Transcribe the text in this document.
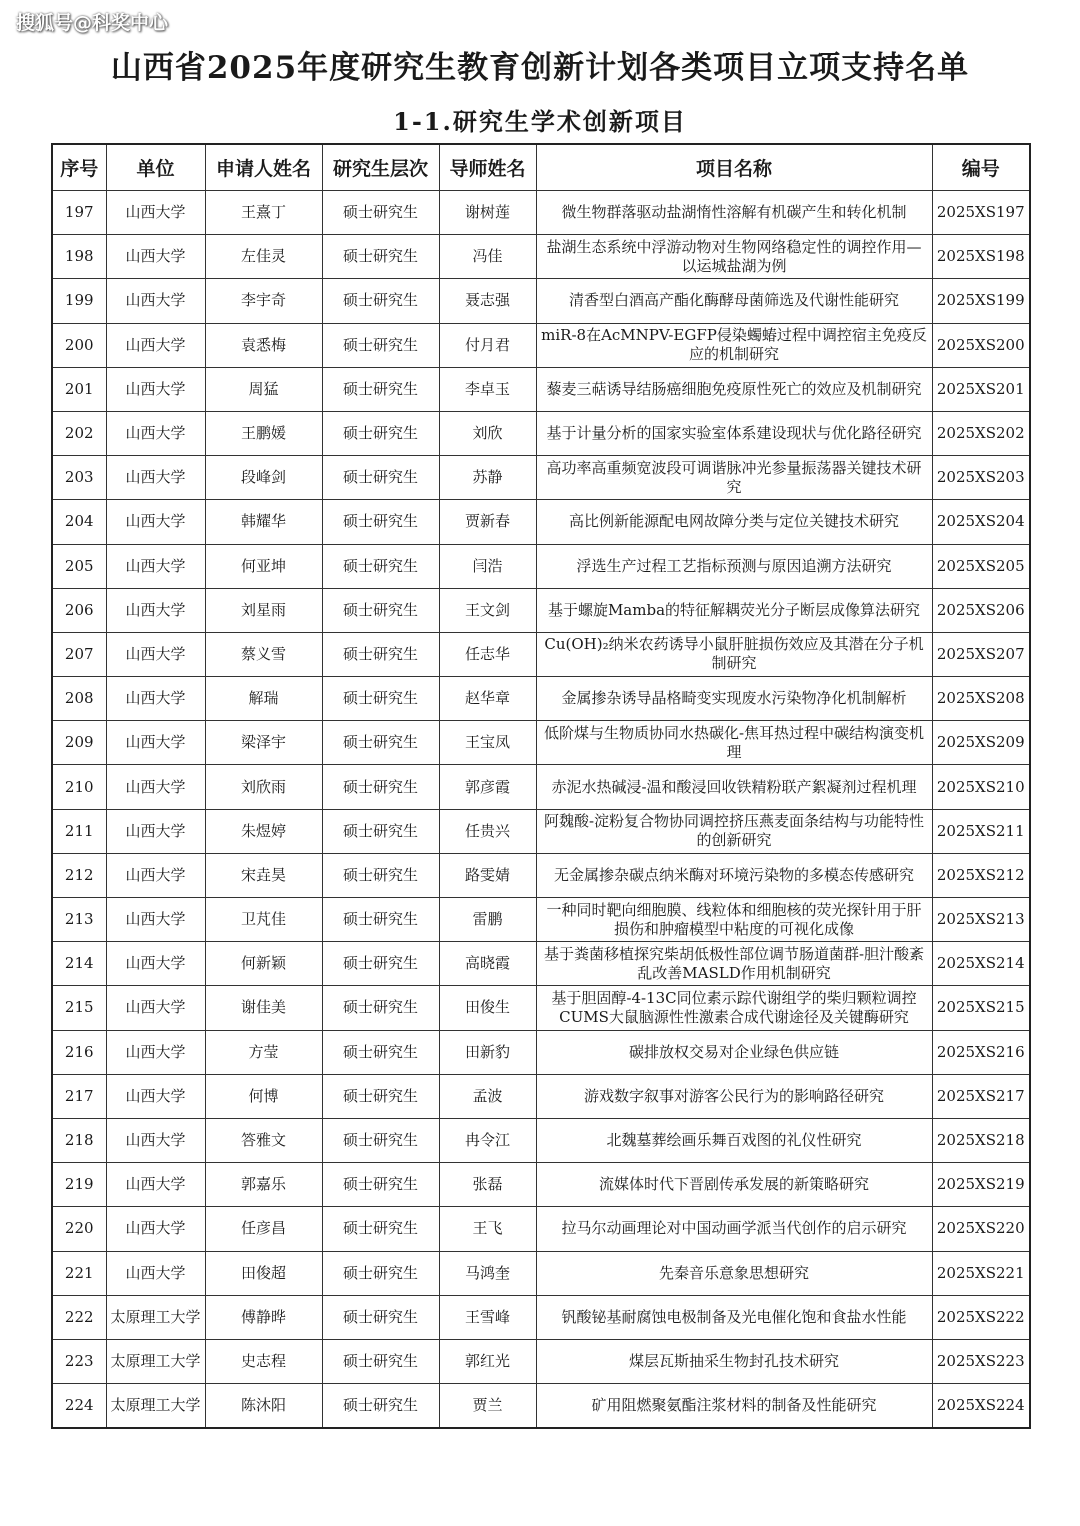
搜狐号@科奖中心
山西省2025年度研究生教育创新计划各类项目立项支持名单
1-1.研究生学术创新项目
序号	单位	申请人姓名	研究生层次	导师姓名	项目名称	编号
197	山西大学	王熹丁	硕士研究生	谢树莲	微生物群落驱动盐湖惰性溶解有机碳产生和转化机制	2025XS197
198	山西大学	左佳灵	硕士研究生	冯佳	盐湖生态系统中浮游动物对生物网络稳定性的调控作用—以运城盐湖为例	2025XS198
199	山西大学	李宇奇	硕士研究生	聂志强	清香型白酒高产酯化酶酵母菌筛选及代谢性能研究	2025XS199
200	山西大学	袁悉梅	硕士研究生	付月君	miR-8在AcMNPV-EGFP侵染蠋蝽过程中调控宿主免疫反应的机制研究	2025XS200
201	山西大学	周猛	硕士研究生	李卓玉	藜麦三萜诱导结肠癌细胞免疫原性死亡的效应及机制研究	2025XS201
202	山西大学	王鹏媛	硕士研究生	刘欣	基于计量分析的国家实验室体系建设现状与优化路径研究	2025XS202
203	山西大学	段峰剑	硕士研究生	苏静	高功率高重频宽波段可调谐脉冲光参量振荡器关键技术研究	2025XS203
204	山西大学	韩耀华	硕士研究生	贾新春	高比例新能源配电网故障分类与定位关键技术研究	2025XS204
205	山西大学	何亚坤	硕士研究生	闫浩	浮选生产过程工艺指标预测与原因追溯方法研究	2025XS205
206	山西大学	刘星雨	硕士研究生	王文剑	基于螺旋Mamba的特征解耦荧光分子断层成像算法研究	2025XS206
207	山西大学	蔡义雪	硕士研究生	任志华	Cu(OH)₂纳米农药诱导小鼠肝脏损伤效应及其潜在分子机制研究	2025XS207
208	山西大学	解瑞	硕士研究生	赵华章	金属掺杂诱导晶格畸变实现废水污染物净化机制解析	2025XS208
209	山西大学	梁泽宇	硕士研究生	王宝凤	低阶煤与生物质协同水热碳化-焦耳热过程中碳结构演变机理	2025XS209
210	山西大学	刘欣雨	硕士研究生	郭彦霞	赤泥水热碱浸-温和酸浸回收铁精粉联产絮凝剂过程机理	2025XS210
211	山西大学	朱煜婷	硕士研究生	任贵兴	阿魏酸-淀粉复合物协同调控挤压燕麦面条结构与功能特性的创新研究	2025XS211
212	山西大学	宋垚昊	硕士研究生	路雯婧	无金属掺杂碳点纳米酶对环境污染物的多模态传感研究	2025XS212
213	山西大学	卫芃佳	硕士研究生	雷鹏	一种同时靶向细胞膜、线粒体和细胞核的荧光探针用于肝损伤和肿瘤模型中粘度的可视化成像	2025XS213
214	山西大学	何新颖	硕士研究生	高晓霞	基于粪菌移植探究柴胡低极性部位调节肠道菌群-胆汁酸紊乱改善MASLD作用机制研究	2025XS214
215	山西大学	谢佳美	硕士研究生	田俊生	基于胆固醇-4-13C同位素示踪代谢组学的柴归颗粒调控CUMS大鼠脑源性性激素合成代谢途径及关键酶研究	2025XS215
216	山西大学	方莹	硕士研究生	田新豹	碳排放权交易对企业绿色供应链	2025XS216
217	山西大学	何博	硕士研究生	孟波	游戏数字叙事对游客公民行为的影响路径研究	2025XS217
218	山西大学	答雅文	硕士研究生	冉令江	北魏墓葬绘画乐舞百戏图的礼仪性研究	2025XS218
219	山西大学	郭嘉乐	硕士研究生	张磊	流媒体时代下晋剧传承发展的新策略研究	2025XS219
220	山西大学	任彦昌	硕士研究生	王飞	拉马尔动画理论对中国动画学派当代创作的启示研究	2025XS220
221	山西大学	田俊超	硕士研究生	马鸿奎	先秦音乐意象思想研究	2025XS221
222	太原理工大学	傅静晔	硕士研究生	王雪峰	钒酸铋基耐腐蚀电极制备及光电催化饱和食盐水性能	2025XS222
223	太原理工大学	史志程	硕士研究生	郭红光	煤层瓦斯抽采生物封孔技术研究	2025XS223
224	太原理工大学	陈沐阳	硕士研究生	贾兰	矿用阻燃聚氨酯注浆材料的制备及性能研究	2025XS224
